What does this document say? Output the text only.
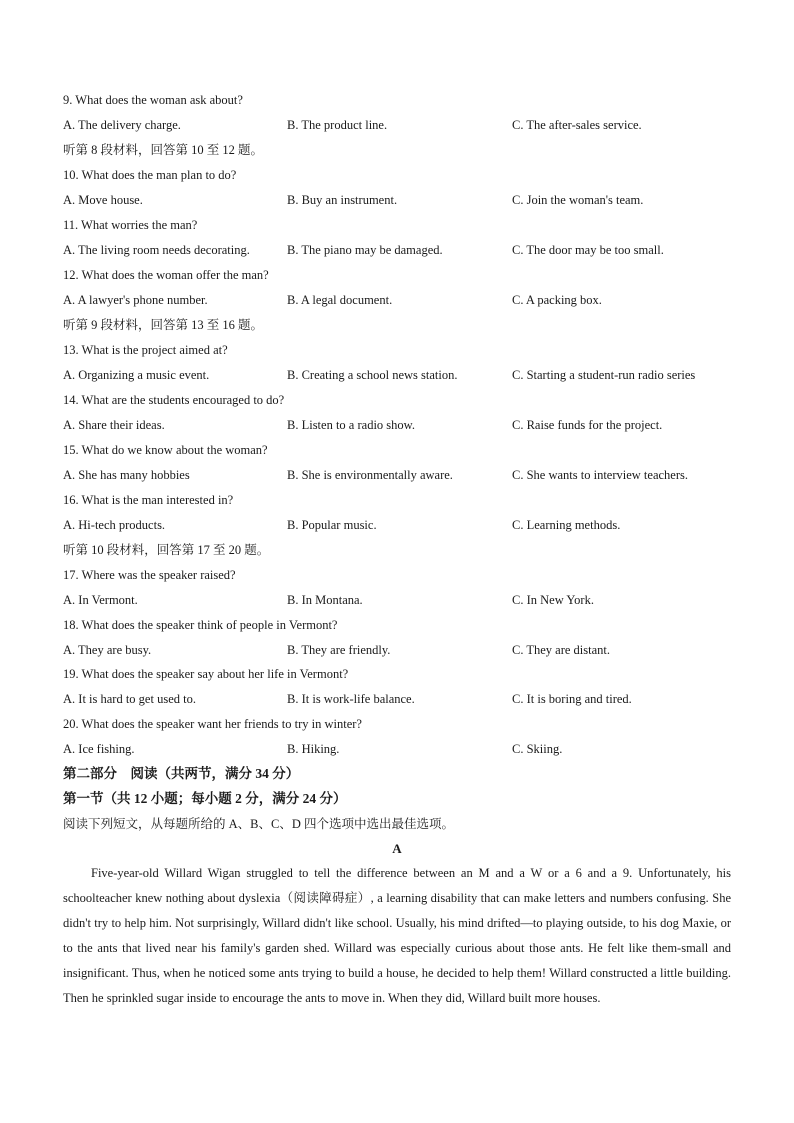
9. What does the woman ask about?
A. The delivery charge.	B. The product line.	C. The after-sales service.
听第 8 段材料，回答第 10 至 12 题。
10. What does the man plan to do?
A. Move house.	B. Buy an instrument.	C. Join the woman's team.
11. What worries the man?
A. The living room needs decorating.	B. The piano may be damaged.	C. The door may be too small.
12. What does the woman offer the man?
A. A lawyer's phone number.	B. A legal document.	C. A packing box.
听第 9 段材料，回答第 13 至 16 题。
13. What is the project aimed at?
A. Organizing a music event.	B. Creating a school news station.	C. Starting a student-run radio series
14. What are the students encouraged to do?
A. Share their ideas.	B. Listen to a radio show.	C. Raise funds for the project.
15. What do we know about the woman?
A. She has many hobbies	B. She is environmentally aware.	C. She wants to interview teachers.
16. What is the man interested in?
A. Hi-tech products.	B. Popular music.	C. Learning methods.
听第 10 段材料，回答第 17 至 20 题。
17. Where was the speaker raised?
A. In Vermont.	B. In Montana.	C. In New York.
18. What does the speaker think of people in Vermont?
A. They are busy.	B. They are friendly.	C. They are distant.
19. What does the speaker say about her life in Vermont?
A. It is hard to get used to.	B. It is work-life balance.	C. It is boring and tired.
20. What does the speaker want her friends to try in winter?
A. Ice fishing.	B. Hiking.	C. Skiing.
第二部分　阅读（共两节，满分 34 分）
第一节（共 12 小题；每小题 2 分，满分 24 分）
阅读下列短文，从每题所给的 A、B、C、D 四个选项中选出最佳选项。
A
Five-year-old Willard Wigan struggled to tell the difference between an M and a W or a 6 and a 9. Unfortunately, his schoolteacher knew nothing about dyslexia（阅读障碍症）, a learning disability that can make letters and numbers confusing. She didn't try to help him. Not surprisingly, Willard didn't like school. Usually, his mind drifted—to playing outside, to his dog Maxie, or to the ants that lived near his family's garden shed. Willard was especially curious about those ants. He felt like them-small and insignificant. Thus, when he noticed some ants trying to build a house, he decided to help them! Willard constructed a little building. Then he sprinkled sugar inside to encourage the ants to move in. When they did, Willard built more houses.
